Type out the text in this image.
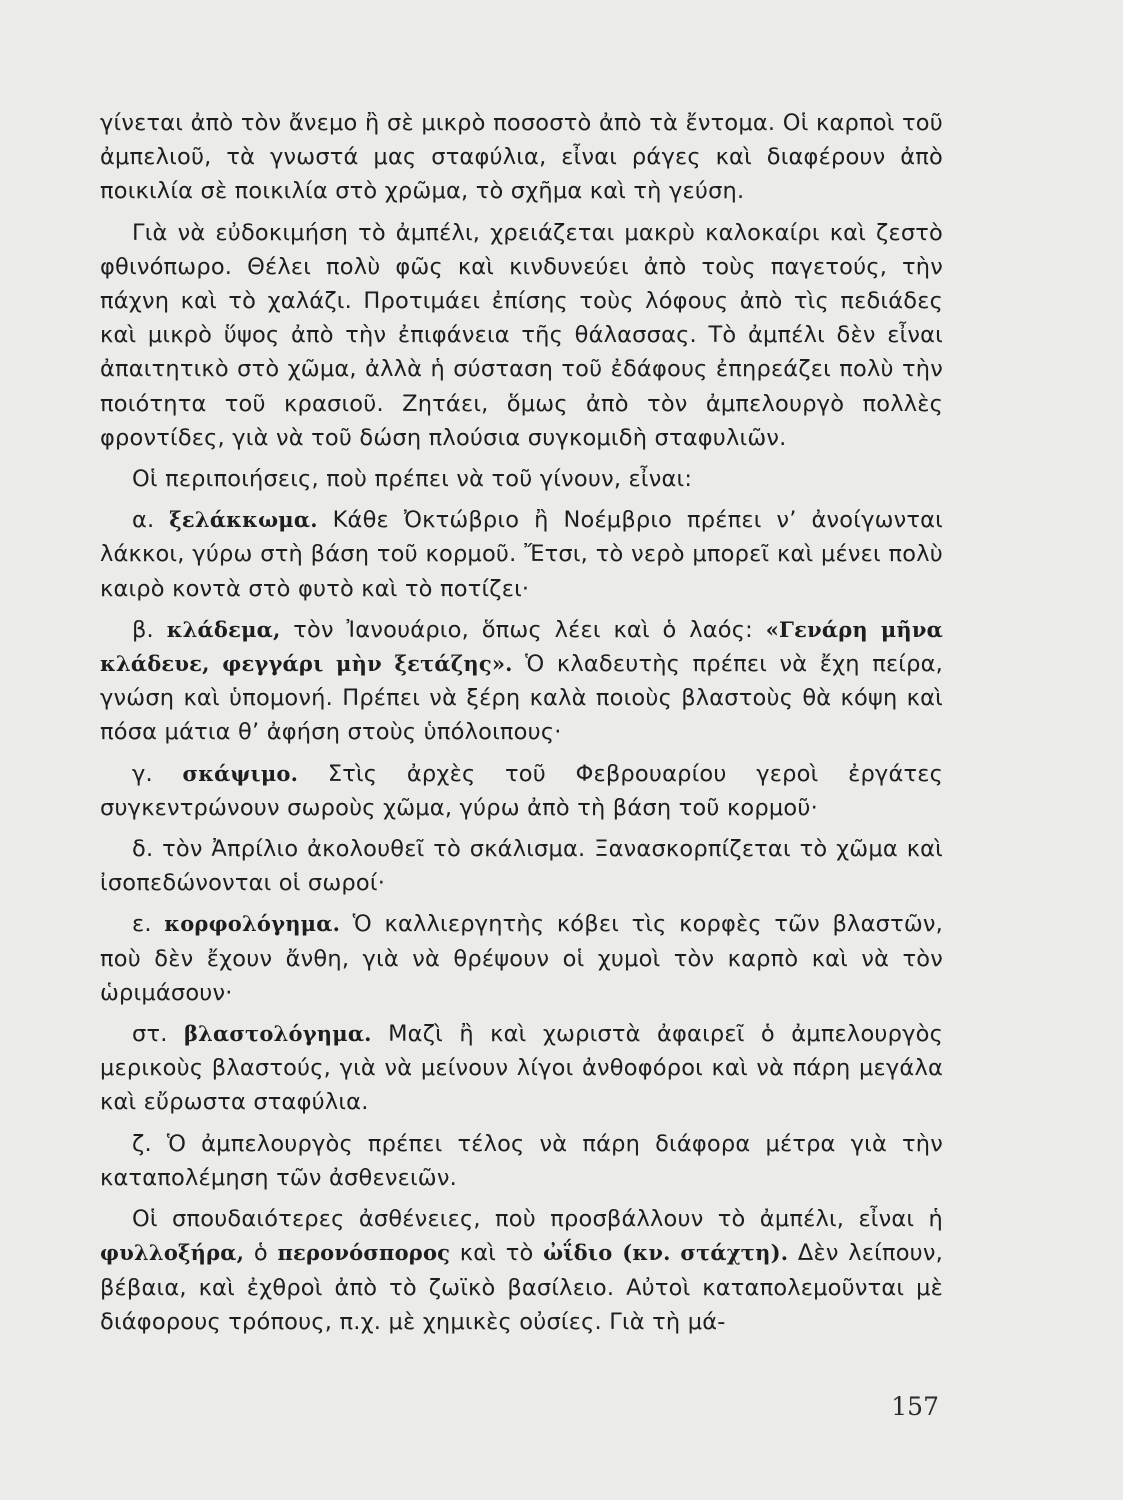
γίνεται ἀπὸ τὸν ἄνεμο ἢ σὲ μικρὸ ποσοστὸ ἀπὸ τὰ ἔντομα. Οἱ καρποὶ τοῦ ἀμπελιοῦ, τὰ γνωστά μας σταφύλια, εἶναι ράγες καὶ διαφέρουν ἀπὸ ποικιλία σὲ ποικιλία στὸ χρῶμα, τὸ σχῆμα καὶ τὴ γεύση.

Γιὰ νὰ εὐδοκιμήση τὸ ἀμπέλι, χρειάζεται μακρὺ καλοκαίρι καὶ ζεστὸ φθινόπωρο. Θέλει πολὺ φῶς καὶ κινδυνεύει ἀπὸ τοὺς παγετούς, τὴν πάχνη καὶ τὸ χαλάζι. Προτιμάει ἐπίσης τοὺς λόφους ἀπὸ τὶς πεδιάδες καὶ μικρὸ ὕψος ἀπὸ τὴν ἐπιφάνεια τῆς θάλασσας. Τὸ ἀμπέλι δὲν εἶναι ἀπαιτητικὸ στὸ χῶμα, ἀλλὰ ἡ σύσταση τοῦ ἐδάφους ἐπηρεάζει πολὺ τὴν ποιότητα τοῦ κρασιοῦ. Ζητάει, ὅμως ἀπὸ τὸν ἀμπελουργὸ πολλὲς φροντίδες, γιὰ νὰ τοῦ δώση πλούσια συγκομιδὴ σταφυλιῶν.

Οἱ περιποιήσεις, ποὺ πρέπει νὰ τοῦ γίνουν, εἶναι:

α. ξελάκκωμα. Κάθε Ὀκτώβριο ἢ Νοέμβριο πρέπει ν’ ἀνοίγωνται λάκκοι, γύρω στὴ βάση τοῦ κορμοῦ. Ἔτσι, τὸ νερὸ μπορεῖ καὶ μένει πολὺ καιρὸ κοντὰ στὸ φυτὸ καὶ τὸ ποτίζει·

β. κλάδεμα, τὸν Ἰανουάριο, ὅπως λέει καὶ ὁ λαός: «Γενάρη μῆνα κλάδευε, φεγγάρι μὴν ξετάζης». Ὁ κλαδευτὴς πρέπει νὰ ἔχη πείρα, γνώση καὶ ὑπομονή. Πρέπει νὰ ξέρη καλὰ ποιοὺς βλαστοὺς θὰ κόψη καὶ πόσα μάτια θ’ ἀφήση στοὺς ὑπόλοιπους·

γ. σκάψιμο. Στὶς ἀρχὲς τοῦ Φεβρουαρίου γεροὶ ἐργάτες συγκεντρώνουν σωροὺς χῶμα, γύρω ἀπὸ τὴ βάση τοῦ κορμοῦ·

δ. τὸν Ἀπρίλιο ἀκολουθεῖ τὸ σκάλισμα. Ξανασκορπίζεται τὸ χῶμα καὶ ἰσοπεδώνονται οἱ σωροί·

ε. κορφολόγημα. Ὁ καλλιεργητὴς κόβει τὶς κορφὲς τῶν βλαστῶν, ποὺ δὲν ἔχουν ἄνθη, γιὰ νὰ θρέψουν οἱ χυμοὶ τὸν καρπὸ καὶ νὰ τὸν ὡριμάσουν·

στ. βλαστολόγημα. Μαζὶ ἢ καὶ χωριστὰ ἀφαιρεῖ ὁ ἀμπελουργὸς μερικοὺς βλαστούς, γιὰ νὰ μείνουν λίγοι ἀνθοφόροι καὶ νὰ πάρη μεγάλα καὶ εὔρωστα σταφύλια.

ζ. Ὁ ἀμπελουργὸς πρέπει τέλος νὰ πάρη διάφορα μέτρα γιὰ τὴν καταπολέμηση τῶν ἀσθενειῶν.

Οἱ σπουδαιότερες ἀσθένειες, ποὺ προσβάλλουν τὸ ἀμπέλι, εἶναι ἡ φυλλοξήρα, ὁ περονόσπορος καὶ τὸ ὠΐδιο (κν. στάχτη). Δὲν λείπουν, βέβαια, καὶ ἐχθροὶ ἀπὸ τὸ ζωϊκὸ βασίλειο. Αὐτοὶ καταπολεμοῦνται μὲ διάφορους τρόπους, π.χ. μὲ χημικὲς οὐσίες. Γιὰ τὴ μά-

157
